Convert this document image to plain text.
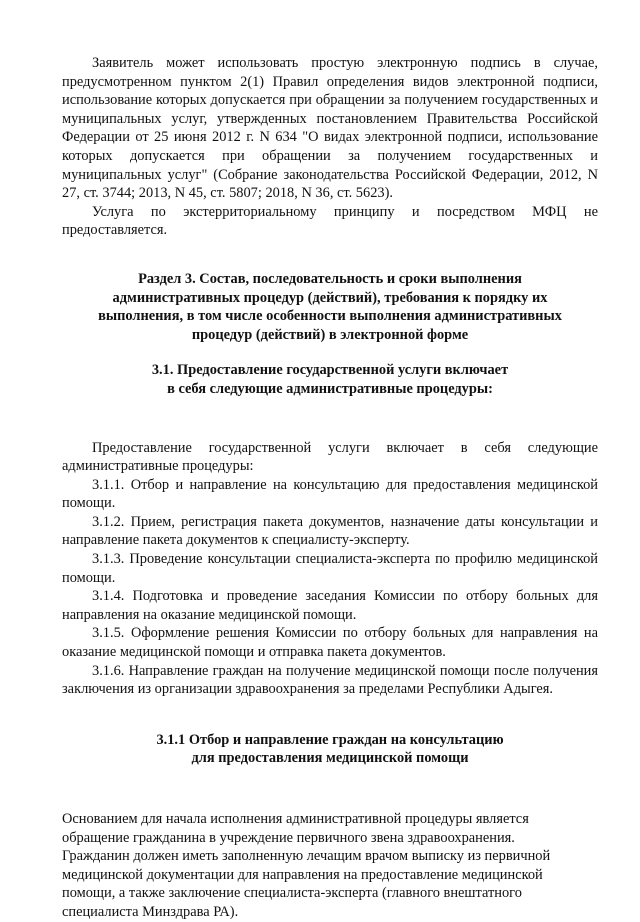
Заявитель может использовать простую электронную подпись в случае, предусмотренном пунктом 2(1) Правил определения видов электронной подписи, использование которых допускается при обращении за получением государственных и муниципальных услуг, утвержденных постановлением Правительства Российской Федерации от 25 июня 2012 г. N 634 "О видах электронной подписи, использование которых допускается при обращении за получением государственных и муниципальных услуг" (Собрание законодательства Российской Федерации, 2012, N 27, ст. 3744; 2013, N 45, ст. 5807; 2018, N 36, ст. 5623).

Услуга по экстерриториальному принципу и посредством МФЦ не предоставляется.

Раздел 3. Состав, последовательность и сроки выполнения
административных процедур (действий), требования к порядку их
выполнения, в том числе особенности выполнения административных
процедур (действий) в электронной форме
3.1. Предоставление государственной услуги включает
в себя следующие административные процедуры:

Предоставление государственной услуги включает в себя следующие административные процедуры:

3.1.1. Отбор и направление на консультацию для предоставления медицинской помощи.

3.1.2. Прием, регистрация пакета документов, назначение даты консультации и направление пакета документов к специалисту-эксперту.

3.1.3. Проведение консультации специалиста-эксперта по профилю медицинской помощи.

3.1.4. Подготовка и проведение заседания Комиссии по отбору больных для направления на оказание медицинской помощи.

3.1.5. Оформление решения Комиссии по отбору больных для направления на оказание медицинской помощи и отправка пакета документов.

3.1.6. Направление граждан на получение медицинской помощи после получения заключения из организации здравоохранения за пределами Республики Адыгея.

3.1.1 Отбор и направление граждан на консультацию
для предоставления медицинской помощи

Основанием для начала исполнения административной процедуры является

обращение гражданина в учреждение первичного звена здравоохранения.

Гражданин должен иметь заполненную лечащим врачом выписку из первичной

медицинской документации для направления на предоставление медицинской

помощи, а также заключение специалиста-эксперта (главного внештатного

специалиста Минздрава РА).
